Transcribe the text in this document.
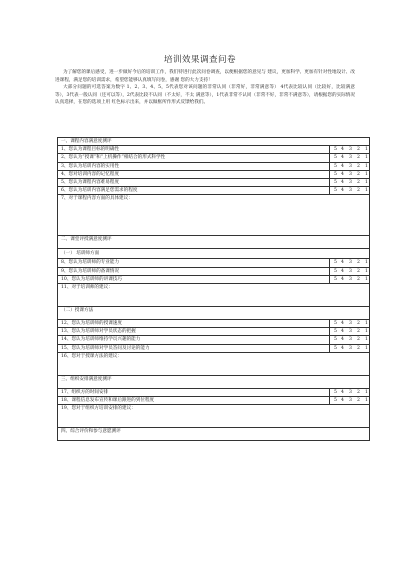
培训效果调查问卷

为了解您的课后感受，进一步做好今后的培训工作，我们特进行此次问卷调查，以便根据您的意见与 建议，更加科学、更加有针对性地设计、改进课程，满足您的培训需求，希望您能够认真填写问卷，感谢 您的大力支持！

大部分问题的可选答案为数字 1、2、3、4、5，5代表您对该问题的非常认同（非常好，非常满意等） 4代表比较认同（比较好，比较满意等），3代表一般认同（还可以等），2代表比较不认同（不太好，不太 满意等），1代表非常不认同（非常不好，非常不满意等），请根据您的实际情况认真选择，在您的选项上用 红色标示出来，并以做框所作形式反馈给我们。

一、课程内容满意度测评	
1、您认为课程目标的明确性	5 4 3 2 1
2、您认为“授课”和“上机操作”相结合的形式科学性	5 4 3 2 1
3、您认为培训内容的实用性	5 4 3 2 1
4、您对培训内容的记忆程度	5 4 3 2 1
5、您认为课程内容难易程度	5 4 3 2 1
6、您认为培训内容满足您需求的程度	5 4 3 2 1
7、对于课程内容方面的具体建议：	
二、课堂评授满意度测评	
（一） 培训师方面	
8、您认为培训师的专业能力	5 4 3 2 1
9、您认为培训师的备课情况	5 4 3 2 1
10、您认为培训师的讲课技巧	5 4 3 2 1
11、对于培训师的建议：	
（二）授课方法	
12、您认为培训师的授课速度	5 4 3 2 1
13、您认为培训师对学员状态的把握	5 4 3 2 1
14、您认为培训师维持学员兴趣的能力	5 4 3 2 1
15、您认为培训师对学员答问及讨论的能力	5 4 3 2 1
16、您对于授课方法的建议：	
三、组织安排满意度测评	
17、组织方的时间安排	5 4 3 2 1
18、课程信息发布宣传和课后跟进的到位程度	5 4 3 2 1
19、您对于组织方培训安排的建议：	
四、综合评价和参与意愿测评	
